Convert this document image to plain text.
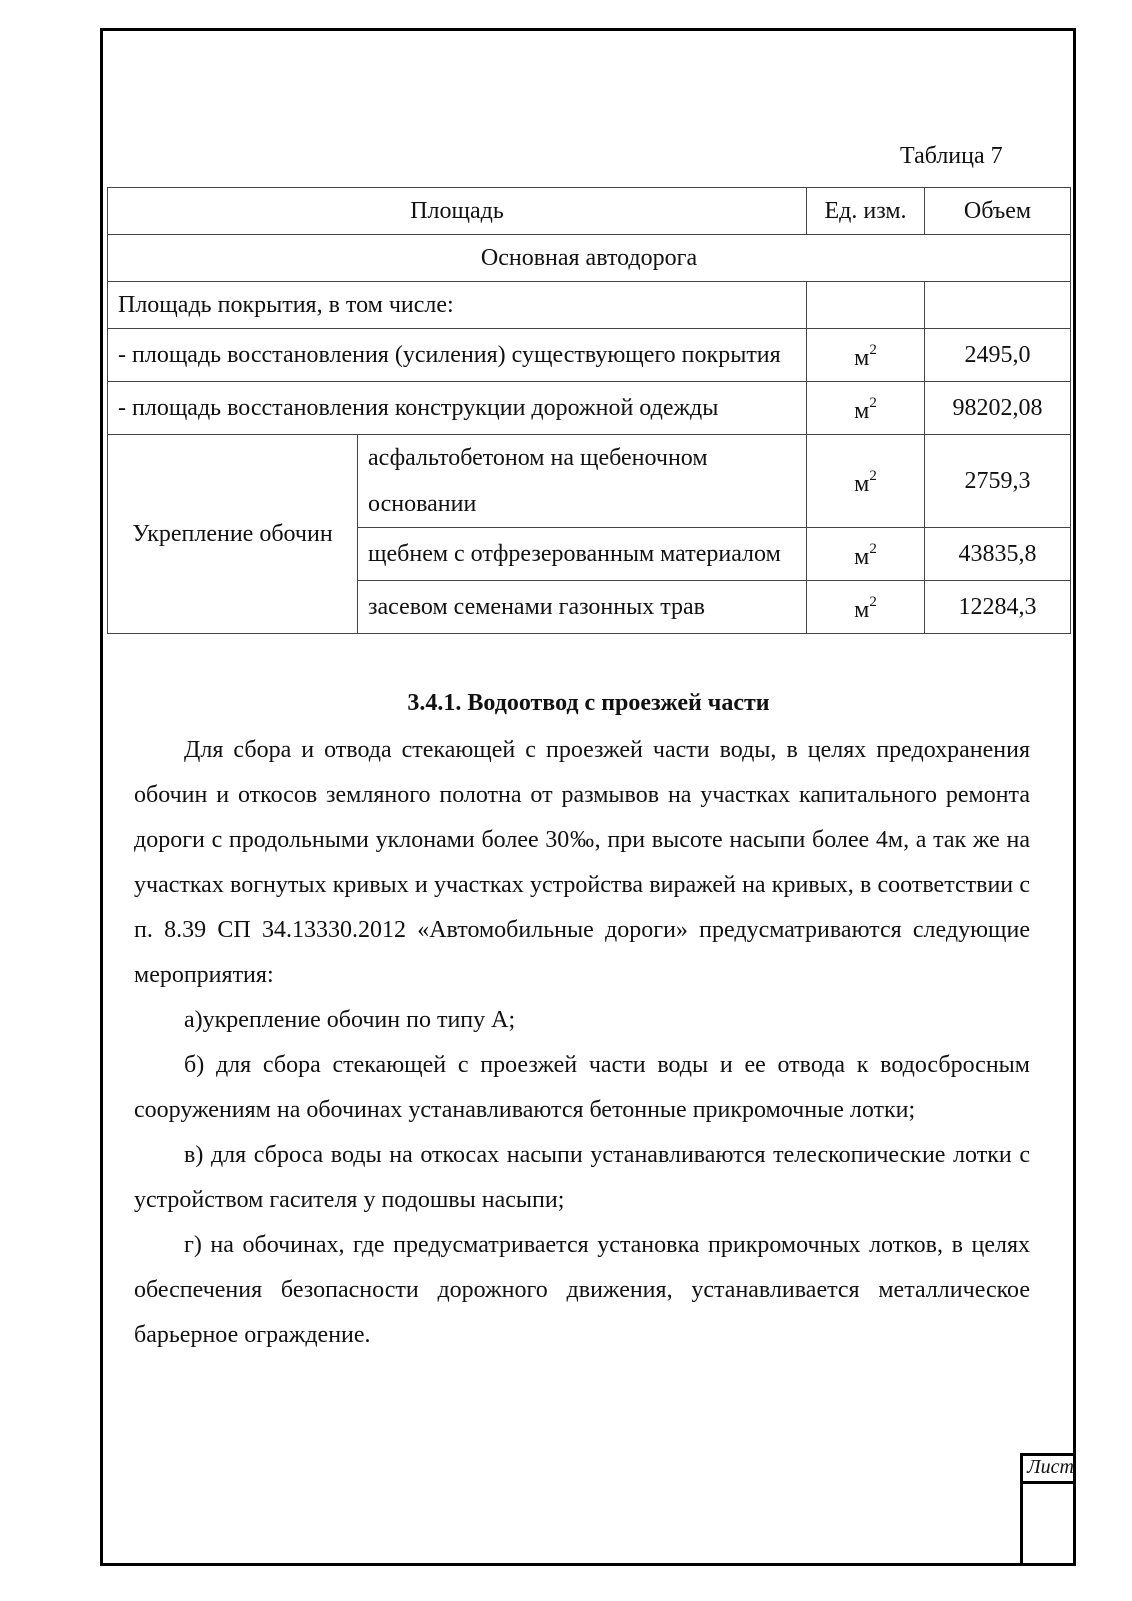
Таблица 7
Площадь		Ед. изм.	Объем
Основная автодорога			
Площадь покрытия, в том числе:			
- площадь восстановления (усиления) существующего покрытия		$м^2$	2495,0
- площадь восстановления конструкции дорожной одежды		$м^2$	98202,08
Укрепление обочин	асфальтобетоном на щебеночном основании	$м^2$	2759,3
	щебнем с отфрезерованным материалом	$м^2$	43835,8
	засевом семенами газонных трав	$м^2$	12284,3
3.4.1. Водоотвод с проезжей части

Для сбора и отвода стекающей с проезжей части воды, в целях предохранения обочин и откосов земляного полотна от размывов на участках капитального ремонта дороги с продольными уклонами более 30‰, при высоте насыпи более 4м, а так же на участках вогнутых кривых и участках устройства виражей на кривых, в соответствии с п. 8.39 СП 34.13330.2012 «Автомобильные дороги» предусматриваются следующие мероприятия:

а)укрепление обочин по типу А;

б) для сбора стекающей с проезжей части воды и ее отвода к водосбросным сооружениям на обочинах устанавливаются бетонные прикромочные лотки;

в) для сброса воды на откосах насыпи устанавливаются телескопические лотки с устройством гасителя у подошвы насыпи;

г) на обочинах, где предусматривается установка прикромочных лотков, в целях обеспечения безопасности дорожного движения, устанавливается металлическое барьерное ограждение.

Лист
